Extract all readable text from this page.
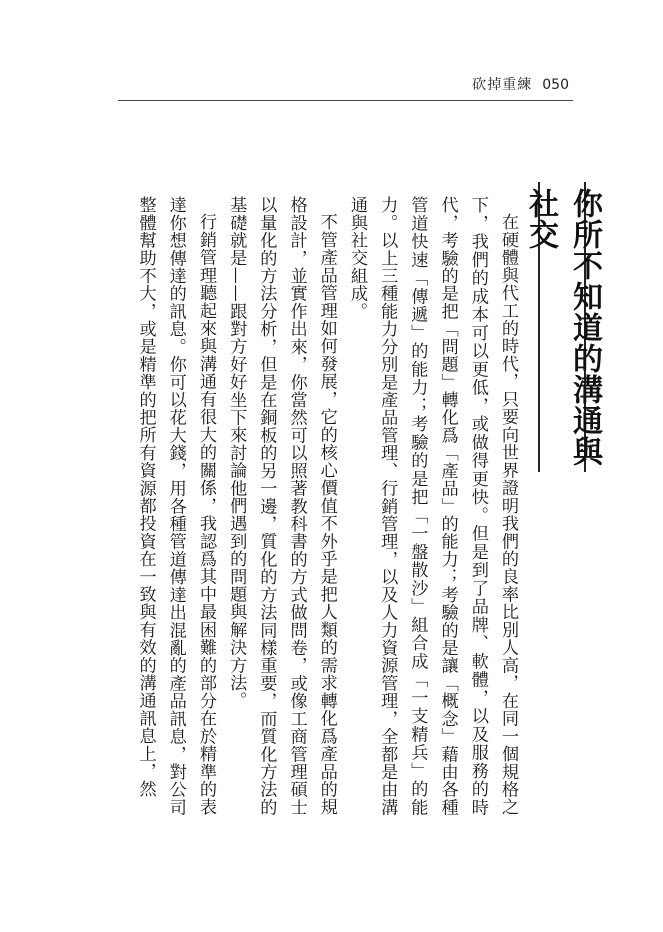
砍掉重練 050
你所不知道的溝通與社交

在硬體與代工的時代，只要向世界證明我們的良率比別人高，在同一個規格之下，我們的成本可以更低，或做得更快。但是到了品牌、軟體，以及服務的時代，考驗的是把「問題」轉化爲「產品」的能力；考驗的是讓「概念」藉由各種管道快速「傳遞」的能力；考驗的是把「一盤散沙」組合成「一支精兵」的能力。以上三種能力分別是產品管理、行銷管理，以及人力資源管理，全都是由溝通與社交組成。

不管產品管理如何發展，它的核心價值不外乎是把人類的需求轉化爲產品的規格設計，並實作出來，你當然可以照著教科書的方式做問卷，或像工商管理碩士以量化的方法分析，但是在銅板的另一邊，質化的方法同樣重要，而質化方法的基礎就是——跟對方好好坐下來討論他們遇到的問題與解決方法。

行銷管理聽起來與溝通有很大的關係，我認爲其中最困難的部分在於精準的表達你想傳達的訊息。你可以花大錢，用各種管道傳達出混亂的產品訊息，對公司整體幫助不大，或是精準的把所有資源都投資在一致與有效的溝通訊息上，然
